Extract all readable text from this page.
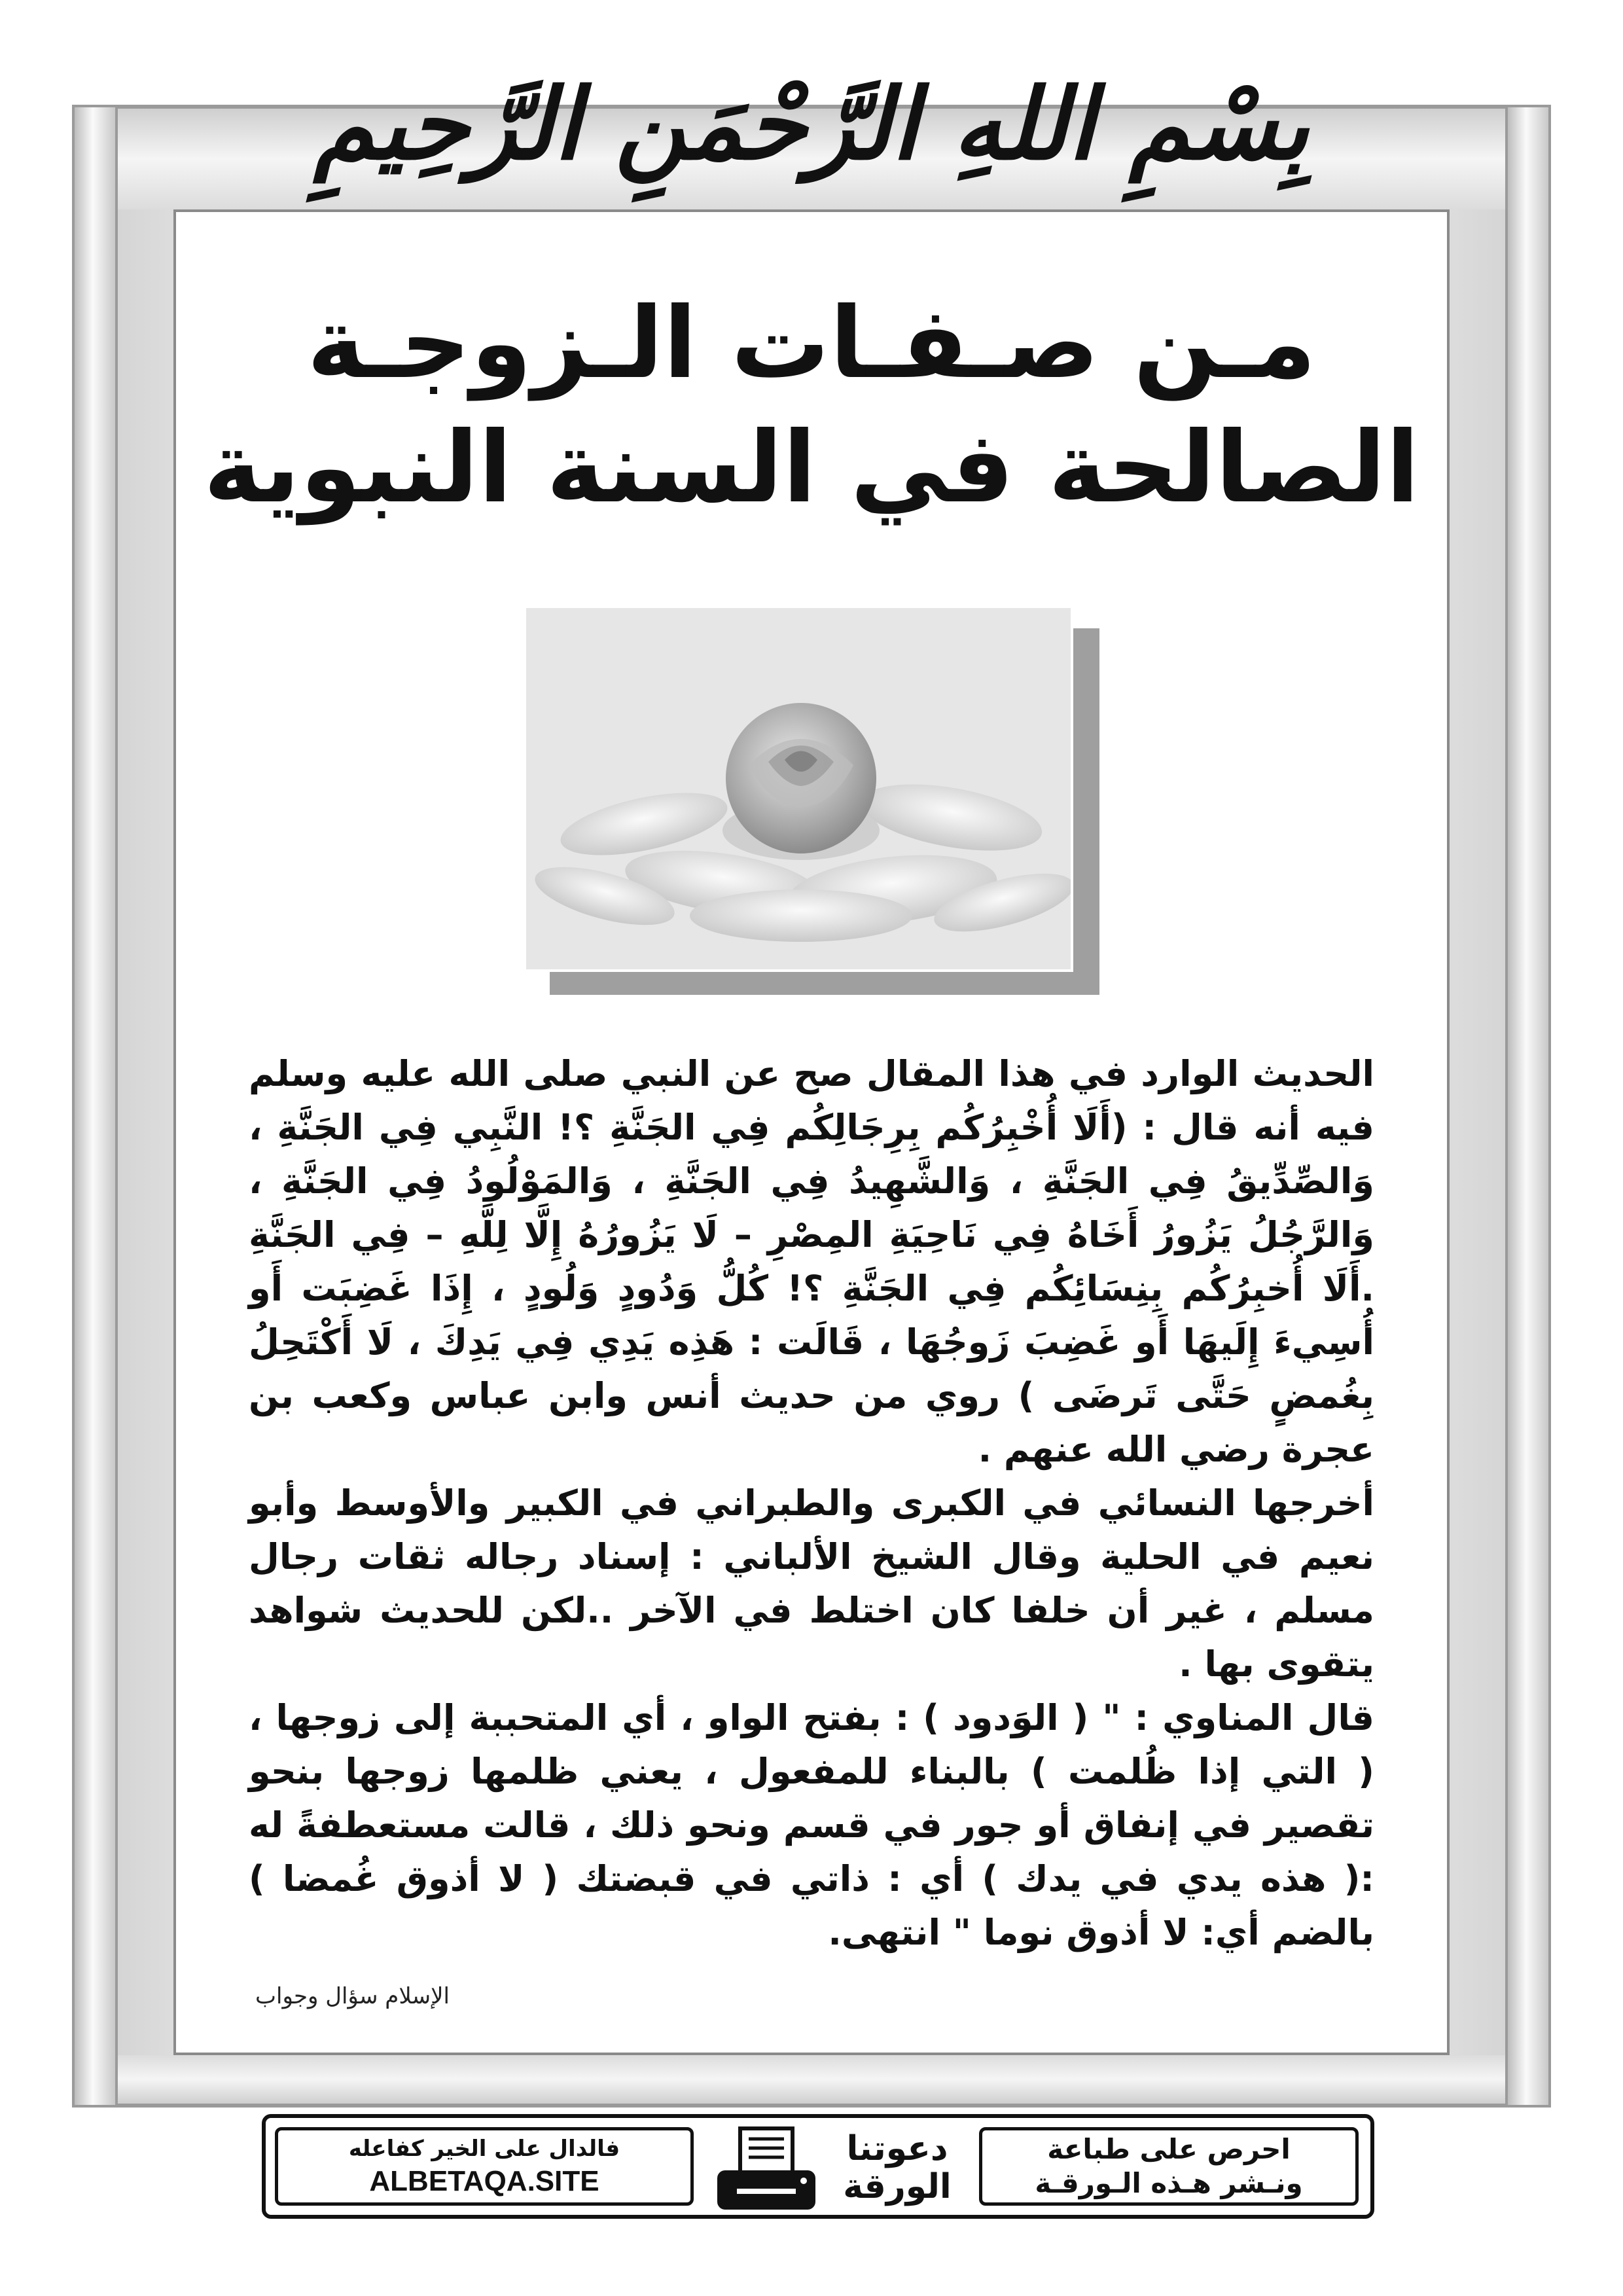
بِسْمِ اللهِ الرَّحْمَنِ الرَّحِيمِ
مـن صـفـات الـزوجـة
الصالحة في السنة النبوية

الحديث الوارد في هذا المقال صح عن النبي صلى الله عليه وسلم فيه أنه قال : (أَلَا أُخْبِرُكُم بِرِجَالِكُم فِي الجَنَّةِ ؟! النَّبِي فِي الجَنَّةِ ، وَالصِّدِّيقُ فِي الجَنَّةِ ، وَالشَّهِيدُ فِي الجَنَّةِ ، وَالمَوْلُودُ فِي الجَنَّةِ ، وَالرَّجُلُ يَزُورُ أَخَاهُ فِي نَاحِيَةِ المِصْرِ – لَا يَزُورُهُ إِلَّا لِلَّهِ – فِي الجَنَّةِ .أَلَا أُخبِرُكُم بِنِسَائِكُم فِي الجَنَّةِ ؟! كُلُّ وَدُودٍ وَلُودٍ ، إِذَا غَضِبَت أَو أُسِيءَ إِلَيهَا أَو غَضِبَ زَوجُهَا ، قَالَت : هَذِه يَدِي فِي يَدِكَ ، لَا أَكْتَحِلُ بِغُمضٍ حَتَّى تَرضَى ) روي من حديث أنس وابن عباس وكعب بن عجرة رضي الله عنهم .

أخرجها النسائي في الكبرى والطبراني في الكبير والأوسط وأبو نعيم في الحلية وقال الشيخ الألباني : إسناد رجاله ثقات رجال مسلم ، غير أن خلفا كان اختلط في الآخر ..لكن للحديث شواهد يتقوى بها .

قال المناوي : " ( الوَدود ) : بفتح الواو ، أي المتحببة إلى زوجها ، ( التي إذا ظُلمت ) بالبناء للمفعول ، يعني ظلمها زوجها بنحو تقصير في إنفاق أو جور في قسم ونحو ذلك ، قالت مستعطفةً له :( هذه يدي في يدك ) أي : ذاتي في قبضتك ( لا أذوق غُمضا ) بالضم أي: لا أذوق نوما " انتهى.

الإسلام سؤال وجواب
احرص على طباعة
ونـشر هـذه الـورقـة
دعوتنا
الورقة
فالدال على الخير كفاعله
ALBETAQA.SITE
